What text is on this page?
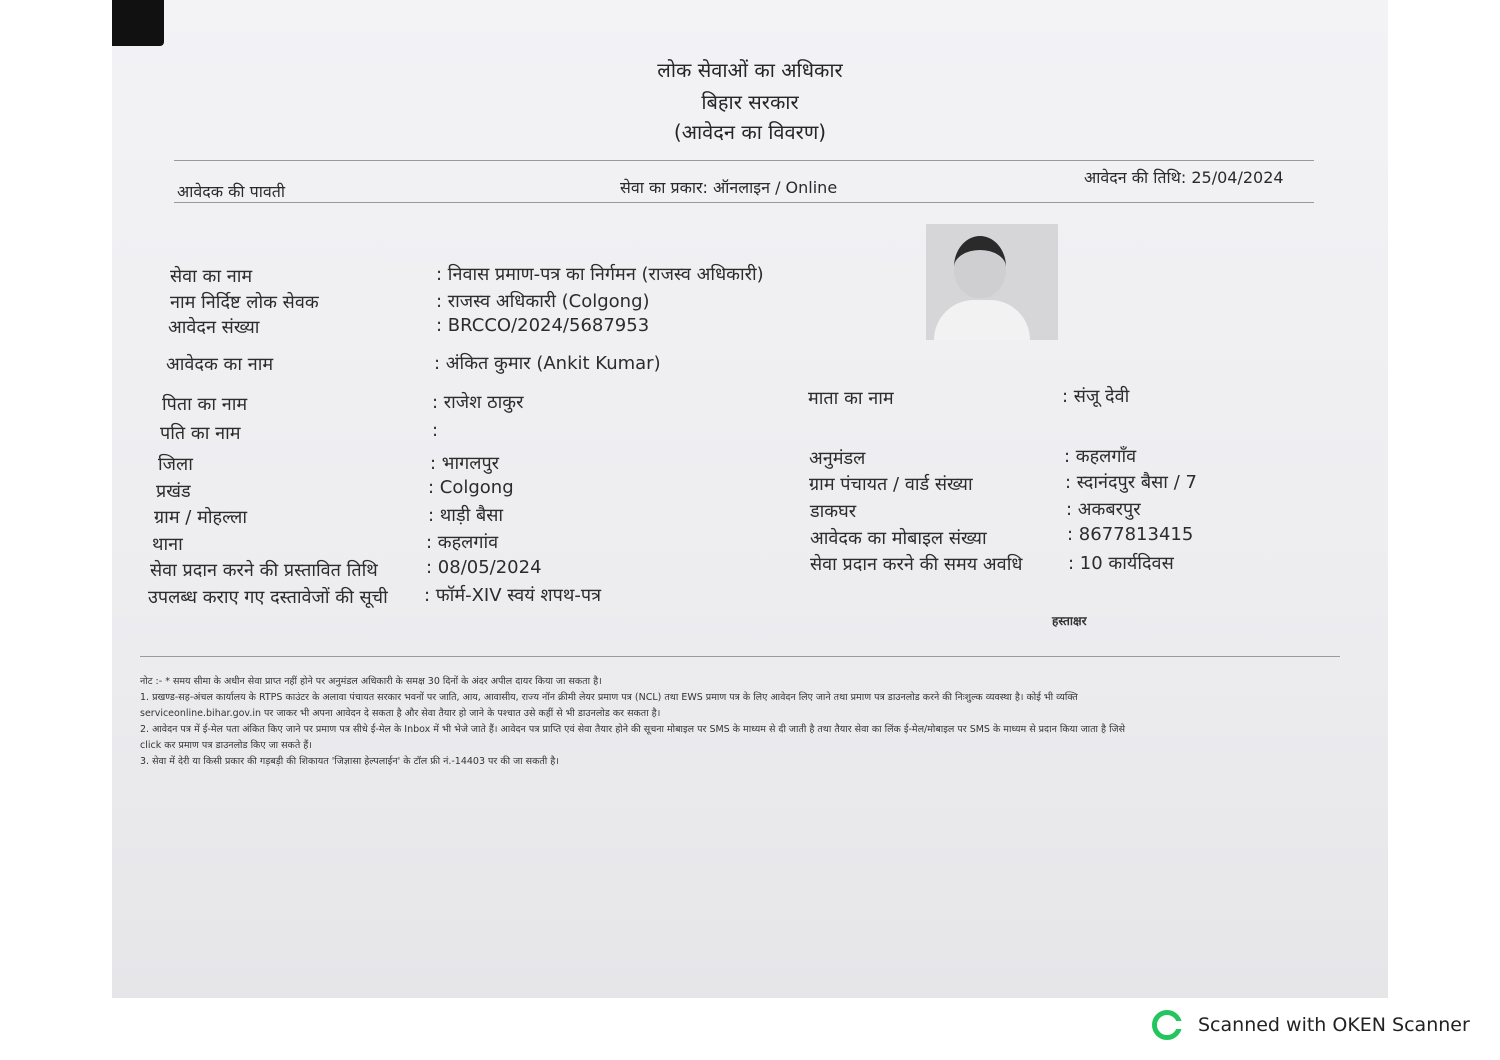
लोक सेवाओं का अधिकार
बिहार सरकार
(आवेदन का विवरण)
आवेदक की पावती	सेवा का प्रकार: ऑनलाइन / Online
आवेदन की तिथि: 25/04/2024
सेवा का नाम	: निवास प्रमाण-पत्र का निर्गमन (राजस्व अधिकारी)
नाम निर्दिष्ट लोक सेवक	: राजस्व अधिकारी (Colgong)
आवेदन संख्या	: BRCCO/2024/5687953
आवेदक का नाम	: अंकित कुमार (Ankit Kumar)
पिता का नाम	: राजेश ठाकुर
पति का नाम	:
जिला	: भागलपुर
प्रखंड	: Colgong
ग्राम / मोहल्ला	: थाड़ी बैसा
थाना	: कहलगांव
सेवा प्रदान करने की प्रस्तावित तिथि	: 08/05/2024
उपलब्ध कराए गए दस्तावेजों की सूची : फॉर्म-XIV स्वयं शपथ-पत्र
माता का नाम	: संजू देवी
अनुमंडल	: कहलगाँव
ग्राम पंचायत / वार्ड संख्या	: स्दानंदपुर बैसा / 7
डाकघर	: अकबरपुर
आवेदक का मोबाइल संख्या	: 8677813415
सेवा प्रदान करने की समय अवधि	: 10 कार्यदिवस
हस्ताक्षर
नोट :- * समय सीमा के अधीन सेवा प्राप्त नहीं होने पर अनुमंडल अधिकारी के समक्ष 30 दिनों के अंदर अपील दायर किया जा सकता है।
1. प्रखण्ड-सह-अंचल कार्यालय के RTPS काउंटर के अलावा पंचायत सरकार भवनों पर जाति, आय, आवासीय, राज्य नॉन क्रीमी लेयर प्रमाण पत्र (NCL) तथा EWS प्रमाण पत्र के लिए आवेदन लिए जाने तथा प्रमाण पत्र डाउनलोड करने की निःशुल्क व्यवस्था है। कोई भी व्यक्ति
serviceonline.bihar.gov.in पर जाकर भी अपना आवेदन दे सकता है और सेवा तैयार हो जाने के पश्चात उसे कहीं से भी डाउनलोड कर सकता है।
2. आवेदन पत्र में ई-मेल पता अंकित किए जाने पर प्रमाण पत्र सीधे ई-मेल के Inbox में भी भेजे जाते हैं। आवेदन पत्र प्राप्ति एवं सेवा तैयार होने की सूचना मोबाइल पर SMS के माध्यम से दी जाती है तथा तैयार सेवा का लिंक ई-मेल/मोबाइल पर SMS के माध्यम से प्रदान किया जाता है जिसे
click कर प्रमाण पत्र डाउनलोड किए जा सकते हैं।
3. सेवा में देरी या किसी प्रकार की गड़बड़ी की शिकायत 'जिज्ञासा हेल्पलाईन' के टॉल फ्री नं.-14403 पर की जा सकती है।
Scanned with OKEN Scanner
